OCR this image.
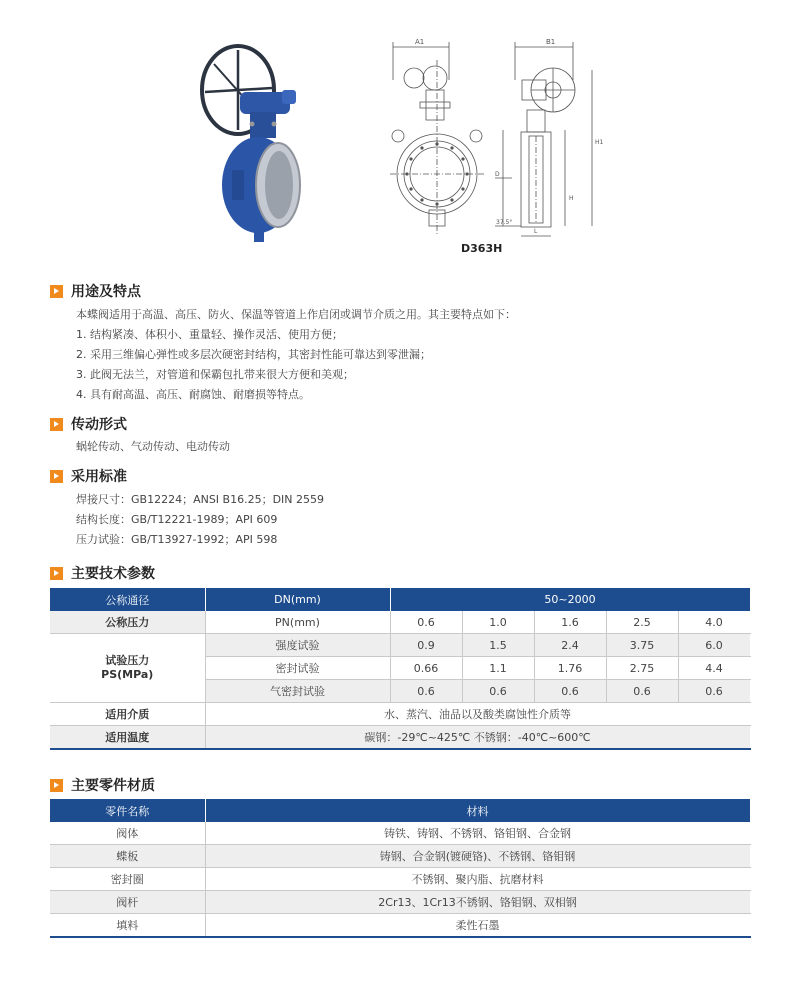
A1	B1
D
H
H1
L
37.5°
D363H
用途及特点
本蝶阀适用于高温、高压、防火、保温等管道上作启闭或调节介质之用。其主要特点如下：
1. 结构紧凑、体积小、重量轻、操作灵活、使用方便；
2. 采用三维偏心弹性或多层次硬密封结构，其密封性能可靠达到零泄漏；
3. 此阀无法兰，对管道和保霸包扎带来很大方便和美观；
4. 具有耐高温、高压、耐腐蚀、耐磨损等特点。
传动形式
蜗轮传动、气动传动、电动传动
采用标准
焊接尺寸：GB12224；ANSI B16.25；DIN 2559
结构长度：GB/T12221-1989；API 609
压力试验：GB/T13927-1992；API 598
主要技术参数
公称通径	DN(mm)	50~2000				
公称压力	PN(mm)	0.6	1.0	1.6	2.5	4.0

试验压力
PS(MPa)	强度试验	0.9	1.5	2.4	3.75	6.0
	密封试验	0.66	1.1	1.76	2.75	4.4
	气密封试验	0.6	0.6	0.6	0.6	0.6
适用介质	水、蒸汽、油品以及酸类腐蚀性介质等					
适用温度	碳钢：-29℃~425℃ 不锈钢：-40℃~600℃					
主要零件材质
零件名称	材料
阀体	铸铁、铸钢、不锈钢、铬钼钢、合金钢
蝶板	铸钢、合金钢(镀硬铬)、不锈钢、铬钼钢
密封圈	不锈钢、聚内脂、抗磨材料
阀杆	2Cr13、1Cr13不锈钢、铬钼钢、双相钢
填料	柔性石墨
